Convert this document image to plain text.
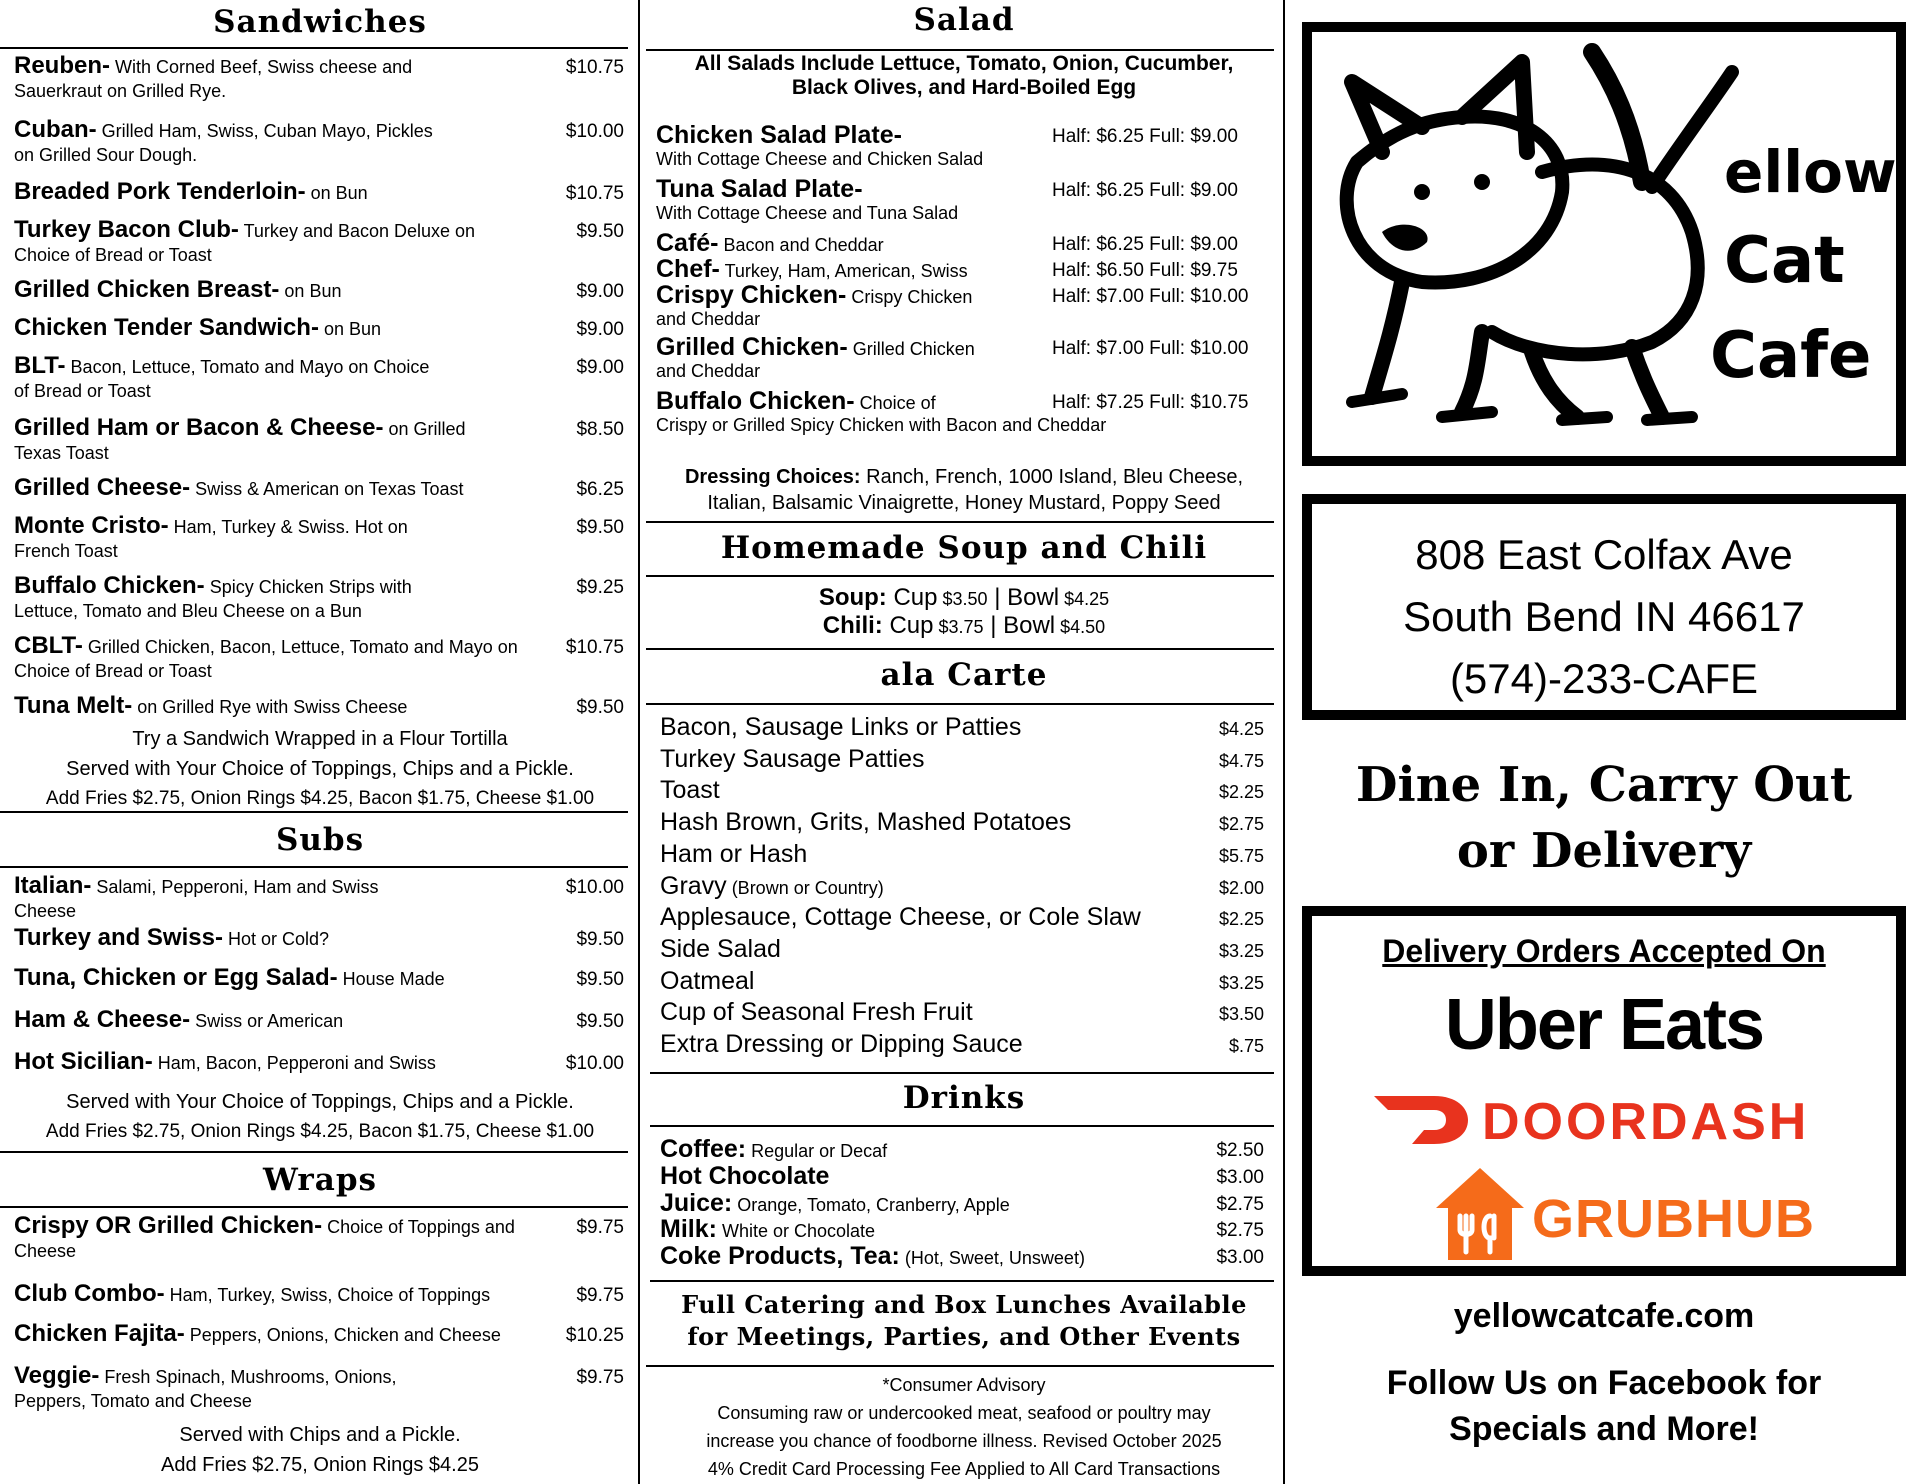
Sandwiches
Reuben- With Corned Beef, Swiss cheese and	$10.75
Sauerkraut on Grilled Rye.
Cuban- Grilled Ham, Swiss, Cuban Mayo, Pickles	$10.00
on Grilled Sour Dough.
Breaded Pork Tenderloin- on Bun	$10.75
Turkey Bacon Club- Turkey and Bacon Deluxe on	$9.50
Choice of Bread or Toast
Grilled Chicken Breast- on Bun	$9.00
Chicken Tender Sandwich- on Bun	$9.00
BLT- Bacon, Lettuce, Tomato and Mayo on Choice	$9.00
of Bread or Toast
Grilled Ham or Bacon & Cheese- on Grilled	$8.50
Texas Toast
Grilled Cheese- Swiss & American on Texas Toast	$6.25
Monte Cristo- Ham, Turkey & Swiss. Hot on	$9.50
French Toast
Buffalo Chicken- Spicy Chicken Strips with	$9.25
Lettuce, Tomato and Bleu Cheese on a Bun
CBLT- Grilled Chicken, Bacon, Lettuce, Tomato and Mayo on	$10.75
Choice of Bread or Toast
Tuna Melt- on Grilled Rye with Swiss Cheese	$9.50
Try a Sandwich Wrapped in a Flour Tortilla
Served with Your Choice of Toppings, Chips and a Pickle.
Add Fries $2.75, Onion Rings $4.25, Bacon $1.75, Cheese $1.00
Subs
Italian- Salami, Pepperoni, Ham and Swiss	$10.00
Cheese
Turkey and Swiss- Hot or Cold?	$9.50
Tuna, Chicken or Egg Salad- House Made	$9.50
Ham & Cheese- Swiss or American	$9.50
Hot Sicilian- Ham, Bacon, Pepperoni and Swiss	$10.00
Served with Your Choice of Toppings, Chips and a Pickle.
Add Fries $2.75, Onion Rings $4.25, Bacon $1.75, Cheese $1.00
Wraps
Crispy OR Grilled Chicken- Choice of Toppings and	$9.75
Cheese
Club Combo- Ham, Turkey, Swiss, Choice of Toppings	$9.75
Chicken Fajita- Peppers, Onions, Chicken and Cheese	$10.25
Veggie- Fresh Spinach, Mushrooms, Onions,	$9.75
Peppers, Tomato and Cheese
Served with Chips and a Pickle.
Add Fries $2.75, Onion Rings $4.25
Salad
All Salads Include Lettuce, Tomato, Onion, Cucumber,
Black Olives, and Hard-Boiled Egg
Chicken Salad Plate-	Half: $6.25 Full: $9.00
With Cottage Cheese and Chicken Salad
Tuna Salad Plate-	Half: $6.25 Full: $9.00
With Cottage Cheese and Tuna Salad
Café- Bacon and Cheddar	Half: $6.25 Full: $9.00
Chef- Turkey, Ham, American, Swiss	Half: $6.50 Full: $9.75
Crispy Chicken- Crispy Chicken	Half: $7.00 Full: $10.00
and Cheddar
Grilled Chicken- Grilled Chicken	Half: $7.00 Full: $10.00
and Cheddar
Buffalo Chicken- Choice of	Half: $7.25 Full: $10.75
Crispy or Grilled Spicy Chicken with Bacon and Cheddar
Dressing Choices: Ranch, French, 1000 Island, Bleu Cheese,
Italian, Balsamic Vinaigrette, Honey Mustard, Poppy Seed
Homemade Soup and Chili
Soup: Cup $3.50 | Bowl $4.25
Chili: Cup $3.75 | Bowl $4.50
ala Carte
Bacon, Sausage Links or Patties	$4.25
Turkey Sausage Patties	$4.75
Toast	$2.25
Hash Brown, Grits, Mashed Potatoes	$2.75
Ham or Hash	$5.75
Gravy (Brown or Country)	$2.00
Applesauce, Cottage Cheese, or Cole Slaw	$2.25
Side Salad	$3.25
Oatmeal	$3.25
Cup of Seasonal Fresh Fruit	$3.50
Extra Dressing or Dipping Sauce	$.75
Drinks
Coffee: Regular or Decaf	$2.50
Hot Chocolate	$3.00
Juice: Orange, Tomato, Cranberry, Apple	$2.75
Milk: White or Chocolate	$2.75
Coke Products, Tea: (Hot, Sweet, Unsweet)	$3.00
Full Catering and Box Lunches Available
for Meetings, Parties, and Other Events
*Consumer Advisory
Consuming raw or undercooked meat, seafood or poultry may
increase you chance of foodborne illness. Revised October 2025
4% Credit Card Processing Fee Applied to All Card Transactions
ellow
Cat
Cafe
808 East Colfax Ave
South Bend IN 46617
(574)-233-CAFE
Dine In, Carry Out
or Delivery
Delivery Orders Accepted On
Uber Eats
DOORDASH
GRUBHUB
yellowcatcafe.com
Follow Us on Facebook for
Specials and More!
